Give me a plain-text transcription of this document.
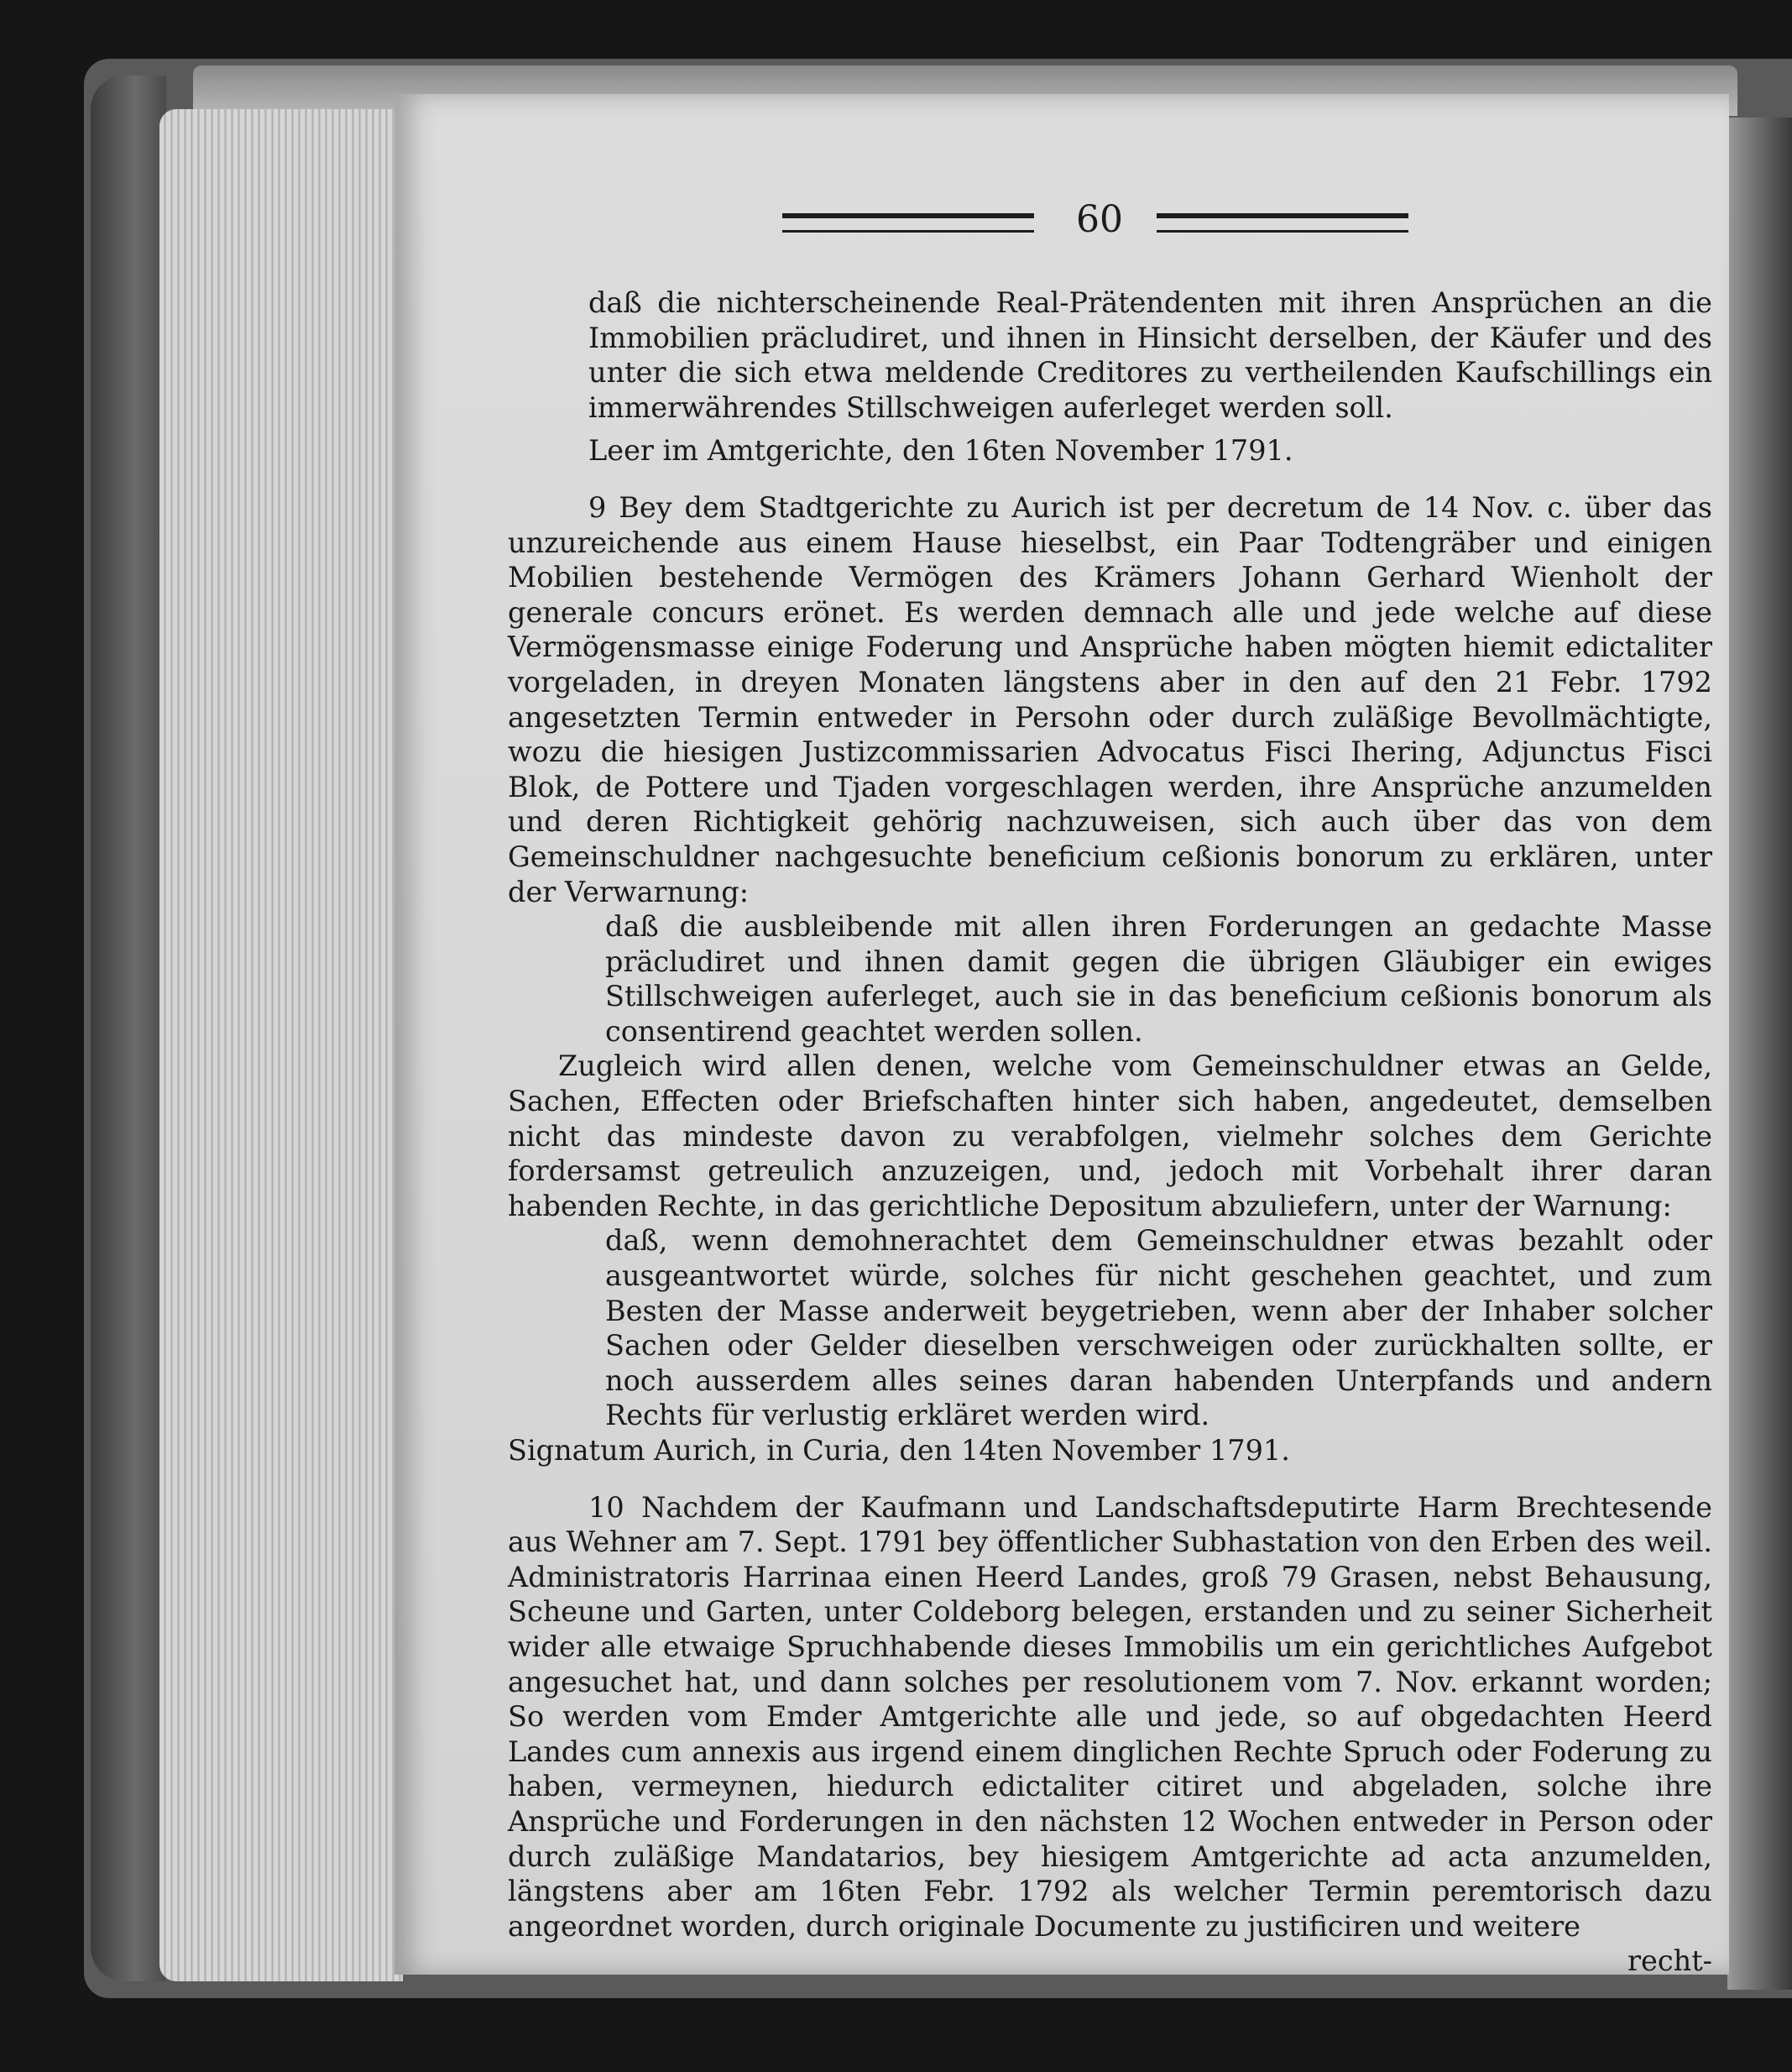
60

daß die nichterscheinende Real-Prätendenten mit ihren Ansprüchen an die Immobilien präcludiret, und ihnen in Hinsicht derselben, der Käufer und des unter die sich etwa meldende Creditores zu vertheilenden Kaufschillings ein immerwährendes Stillschweigen auferleget werden soll.

Leer im Amtgerichte, den 16ten November 1791.

9 Bey dem Stadtgerichte zu Aurich ist per decretum de 14 Nov. c. über das unzureichende aus einem Hause hieselbst, ein Paar Todtengräber und einigen Mobilien bestehende Vermögen des Krämers Johann Gerhard Wienholt der generale concurs erönet. Es werden demnach alle und jede welche auf diese Vermögensmasse einige Foderung und Ansprüche haben mögten hiemit edictaliter vorgeladen, in dreyen Monaten längstens aber in den auf den 21 Febr. 1792 angesetzten Termin entweder in Persohn oder durch zuläßige Bevollmächtigte, wozu die hiesigen Justizcommissarien Advocatus Fisci Ihering, Adjunctus Fisci Blok, de Pottere und Tjaden vorgeschlagen werden, ihre Ansprüche anzumelden und deren Richtigkeit gehörig nachzuweisen, sich auch über das von dem Gemeinschuldner nachgesuchte beneficium ceßionis bonorum zu erklären, unter der Verwarnung:

daß die ausbleibende mit allen ihren Forderungen an gedachte Masse präcludiret und ihnen damit gegen die übrigen Gläubiger ein ewiges Stillschweigen auferleget, auch sie in das beneficium ceßionis bonorum als consentirend geachtet werden sollen.

Zugleich wird allen denen, welche vom Gemeinschuldner etwas an Gelde, Sachen, Effecten oder Briefschaften hinter sich haben, angedeutet, demselben nicht das mindeste davon zu verabfolgen, vielmehr solches dem Gerichte fordersamst getreulich anzuzeigen, und, jedoch mit Vorbehalt ihrer daran habenden Rechte, in das gerichtliche Depositum abzuliefern, unter der Warnung:

daß, wenn demohnerachtet dem Gemeinschuldner etwas bezahlt oder ausgeantwortet würde, solches für nicht geschehen geachtet, und zum Besten der Masse anderweit beygetrieben, wenn aber der Inhaber solcher Sachen oder Gelder dieselben verschweigen oder zurückhalten sollte, er noch ausserdem alles seines daran habenden Unterpfands und andern Rechts für verlustig erkläret werden wird.

Signatum Aurich, in Curia, den 14ten November 1791.

10 Nachdem der Kaufmann und Landschaftsdeputirte Harm Brechtesende aus Wehner am 7. Sept. 1791 bey öffentlicher Subhastation von den Erben des weil. Administratoris Harrinaa einen Heerd Landes, groß 79 Grasen, nebst Behausung, Scheune und Garten, unter Coldeborg belegen, erstanden und zu seiner Sicherheit wider alle etwaige Spruchhabende dieses Immobilis um ein gerichtliches Aufgebot angesuchet hat, und dann solches per resolutionem vom 7. Nov. erkannt worden; So werden vom Emder Amtgerichte alle und jede, so auf obgedachten Heerd Landes cum annexis aus irgend einem dinglichen Rechte Spruch oder Foderung zu haben, vermeynen, hiedurch edictaliter citiret und abgeladen, solche ihre Ansprüche und Forderungen in den nächsten 12 Wochen entweder in Person oder durch zuläßige Mandatarios, bey hiesigem Amtgerichte ad acta anzumelden, längstens aber am 16ten Febr. 1792 als welcher Termin peremtorisch dazu angeordnet worden, durch originale Documente zu justificiren und weitere

recht-
